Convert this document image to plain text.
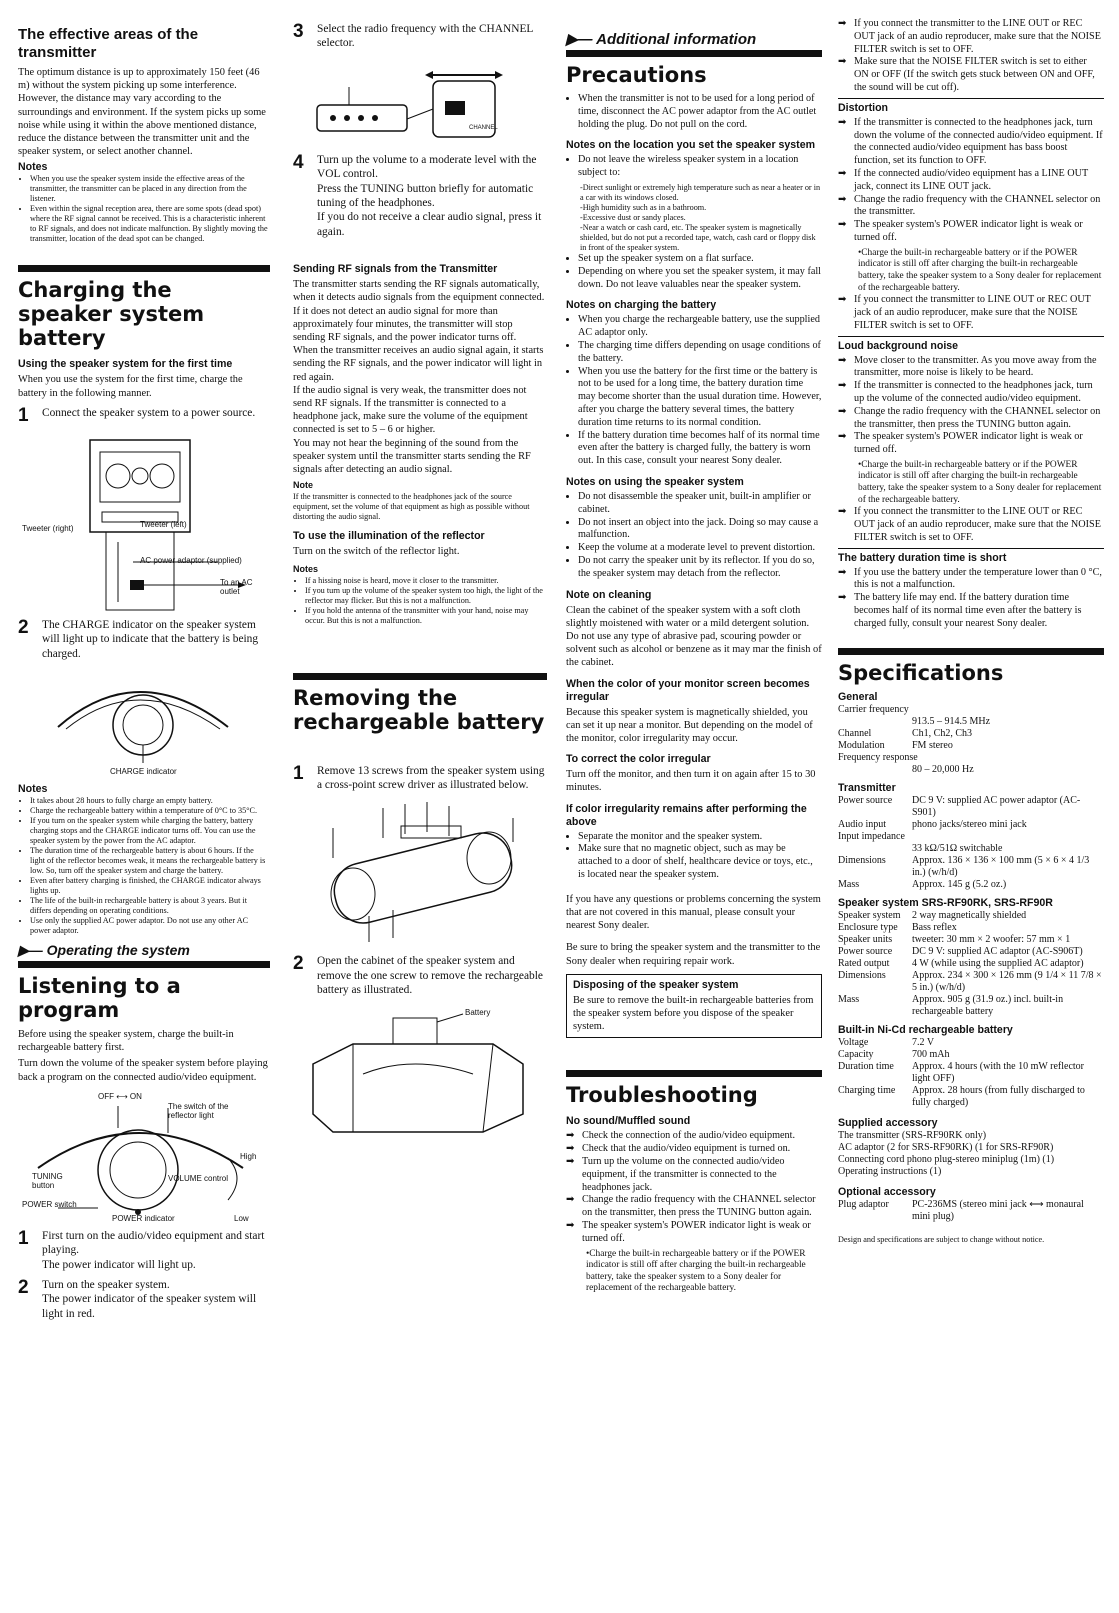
The effective areas of the transmitter

The optimum distance is up to approximately 150 feet (46 m) without the system picking up some interference. However, the distance may vary according to the surroundings and environment. If the system picks up some noise while using it within the above mentioned distance, reduce the distance between the transmitter unit and the speaker system, or select another channel.

Notes
• When you use the speaker system inside the effective areas of the transmitter, the transmitter can be placed in any direction from the listener.
• Even within the signal reception area, there are some spots (dead spot) where the RF signal cannot be received. This is a characteristic inherent to RF signals, and does not indicate malfunction. By slightly moving the transmitter, location of the dead spot can be changed.
Charging the speaker system battery
Using the speaker system for the first time

When you use the system for the first time, charge the battery in the following manner.

1	Connect the speaker system to a power source.
Tweeter (right)	Tweeter (left)
AC power adaptor (supplied)
To an AC outlet
2	The CHARGE indicator on the speaker system will light up to indicate that the battery is being charged.
CHARGE indicator
Notes
• It takes about 28 hours to fully charge an empty battery.
• Charge the rechargeable battery within a temperature of 0°C to 35°C.
• If you turn on the speaker system while charging the battery, battery charging stops and the CHARGE indicator turns off. You can use the speaker system by the power from the AC adaptor.
• The duration time of the rechargeable battery is about 6 hours. If the light of the reflector becomes weak, it means the rechargeable battery is low. So, turn off the speaker system and charge the battery.
• Even after battery charging is finished, the CHARGE indicator always lights up.
• The life of the built-in rechargeable battery is about 3 years. But it differs depending on operating conditions.
• Use only the supplied AC power adaptor. Do not use any other AC power adaptor.
▶— Operating the system
Listening to a program

Before using the speaker system, charge the built-in rechargeable battery first.

Turn down the volume of the speaker system before playing back a program on the connected audio/video equipment.

OFF ⟷ ON
The switch of the reflector light
High
TUNING button
VOLUME control
POWER switch
POWER indicator	Low
1	First turn on the audio/video equipment and start playing.
The power indicator will light up.
2	Turn on the speaker system.
The power indicator of the speaker system will light in red.
3	Select the radio frequency with the CHANNEL selector.
CHANNEL
4	Turn up the volume to a moderate level with the VOL control.
Press the TUNING button briefly for automatic tuning of the headphones.
If you do not receive a clear audio signal, press it again.
Sending RF signals from the Transmitter

The transmitter starts sending the RF signals automatically, when it detects audio signals from the equipment connected.

If it does not detect an audio signal for more than approximately four minutes, the transmitter will stop sending RF signals, and the power indicator turns off.

When the transmitter receives an audio signal again, it starts sending the RF signals, and the power indicator will light in red again.

If the audio signal is very weak, the transmitter does not send RF signals. If the transmitter is connected to a headphone jack, make sure the volume of the equipment connected is set to 5 – 6 or higher.

You may not hear the beginning of the sound from the speaker system until the transmitter starts sending the RF signals after detecting an audio signal.

Note

If the transmitter is connected to the headphones jack of the source equipment, set the volume of that equipment as high as possible without distorting the audio signal.

To use the illumination of the reflector

Turn on the switch of the reflector light.

Notes
• If a hissing noise is heard, move it closer to the transmitter.
• If you turn up the volume of the speaker system too high, the light of the reflector may flicker. But this is not a malfunction.
• If you hold the antenna of the transmitter with your hand, noise may occur. But this is not a malfunction.
Removing the rechargeable battery
1	Remove 13 screws from the speaker system using a cross-point screw driver as illustrated below.
2	Open the cabinet of the speaker system and remove the one screw to remove the rechargeable battery as illustrated.
Battery
▶— Additional information
Precautions
• When the transmitter is not to be used for a long period of time, disconnect the AC power adaptor from the AC outlet holding the plug. Do not pull on the cord.
Notes on the location you set the speaker system
• Do not leave the wireless speaker system in a location subject to:
-Direct sunlight or extremely high temperature such as near a heater or in a car with its windows closed.
-High humidity such as in a bathroom.
-Excessive dust or sandy places.
-Near a watch or cash card, etc. The speaker system is magnetically shielded, but do not put a recorded tape, watch, cash card or floppy disk in front of the speaker system.
• Set up the speaker system on a flat surface.
• Depending on where you set the speaker system, it may fall down. Do not leave valuables near the speaker system.
Notes on charging the battery
• When you charge the rechargeable battery, use the supplied AC adaptor only.
• The charging time differs depending on usage conditions of the battery.
• When you use the battery for the first time or the battery is not to be used for a long time, the battery duration time may become shorter than the usual duration time. However, after you charge the battery several times, the battery duration time returns to its normal condition.
• If the battery duration time becomes half of its normal time even after the battery is charged fully, the battery is worn out. In this case, consult your nearest Sony dealer.
Notes on using the speaker system
• Do not disassemble the speaker unit, built-in amplifier or cabinet.
• Do not insert an object into the jack. Doing so may cause a malfunction.
• Keep the volume at a moderate level to prevent distortion.
• Do not carry the speaker unit by its reflector. If you do so, the speaker system may detach from the reflector.
Note on cleaning

Clean the cabinet of the speaker system with a soft cloth slightly moistened with water or a mild detergent solution. Do not use any type of abrasive pad, scouring powder or solvent such as alcohol or benzene as it may mar the finish of the cabinet.

When the color of your monitor screen becomes irregular

Because this speaker system is magnetically shielded, you can set it up near a monitor. But depending on the model of the monitor, color irregularity may occur.

To correct the color irregular

Turn off the monitor, and then turn it on again after 15 to 30 minutes.

If color irregularity remains after performing the above
• Separate the monitor and the speaker system.
• Make sure that no magnetic object, such as may be attached to a door of shelf, healthcare device or toys, etc., is located near the speaker system.

If you have any questions or problems concerning the system that are not covered in this manual, please consult your nearest Sony dealer.

Be sure to bring the speaker system and the transmitter to the Sony dealer when requiring repair work.

Disposing of the speaker system

Be sure to remove the built-in rechargeable batteries from the speaker system before you dispose of the speaker system.

Troubleshooting
No sound/Muffled sound
➡ Check the connection of the audio/video equipment.
➡ Check that the audio/video equipment is turned on.
➡ Turn up the volume on the connected audio/video equipment, if the transmitter is connected to the headphones jack.
➡ Change the radio frequency with the CHANNEL selector on the transmitter, then press the TUNING button again.
➡ The speaker system's POWER indicator light is weak or turned off.
•Charge the built-in rechargeable battery or if the POWER indicator is still off after charging the built-in rechargeable battery, take the speaker system to a Sony dealer for replacement of the rechargeable battery.
➡ If you connect the transmitter to the LINE OUT or REC OUT jack of an audio reproducer, make sure that the NOISE FILTER switch is set to OFF.
➡ Make sure that the NOISE FILTER switch is set to either ON or OFF (If the switch gets stuck between ON and OFF, the sound will be cut off).
Distortion
➡ If the transmitter is connected to the headphones jack, turn down the volume of the connected audio/video equipment. If the connected audio/video equipment has bass boost function, set its function to OFF.
➡ If the connected audio/video equipment has a LINE OUT jack, connect its LINE OUT jack.
➡ Change the radio frequency with the CHANNEL selector on the transmitter.
➡ The speaker system's POWER indicator light is weak or turned off.
•Charge the built-in rechargeable battery or if the POWER indicator is still off after charging the built-in rechargeable battery, take the speaker system to a Sony dealer for replacement of the rechargeable battery.
➡ If you connect the transmitter to LINE OUT or REC OUT jack of an audio reproducer, make sure that the NOISE FILTER switch is set to OFF.
Loud background noise
➡ Move closer to the transmitter. As you move away from the transmitter, more noise is likely to be heard.
➡ If the transmitter is connected to the headphones jack, turn up the volume of the connected audio/video equipment.
➡ Change the radio frequency with the CHANNEL selector on the transmitter, then press the TUNING button again.
➡ The speaker system's POWER indicator light is weak or turned off.
•Charge the built-in rechargeable battery or if the POWER indicator is still off after charging the built-in rechargeable battery, take the speaker system to a Sony dealer for replacement of the rechargeable battery.
➡ If you connect the transmitter to the LINE OUT or REC OUT jack of an audio reproducer, make sure that the NOISE FILTER switch is set to OFF.
The battery duration time is short
➡ If you use the battery under the temperature lower than 0 °C, this is not a malfunction.
➡ The battery life may end. If the battery duration time becomes half of its normal time even after the battery is charged fully, consult your nearest Sony dealer.
Specifications
General
Carrier frequency
913.5 – 914.5 MHz
Channel	Ch1, Ch2, Ch3
Modulation	FM stereo
Frequency response
80 – 20,000 Hz
Transmitter
Power source	DC 9 V: supplied AC power adaptor (AC-S901)
Audio input	phono jacks/stereo mini jack
Input impedance
33 kΩ/51Ω switchable
Dimensions	Approx. 136 × 136 × 100 mm (5 × 6 × 4 1/3 in.) (w/h/d)
Mass	Approx. 145 g (5.2 oz.)
Speaker system SRS-RF90RK, SRS-RF90R
Speaker system	2 way magnetically shielded
Enclosure type	Bass reflex
Speaker units	tweeter: 30 mm × 2 woofer: 57 mm × 1
Power source	DC 9 V: supplied AC adaptor (AC-S906T)
Rated output	4 W (while using the supplied AC adaptor)
Dimensions	Approx. 234 × 300 × 126 mm (9 1/4 × 11 7/8 × 5 in.) (w/h/d)
Mass	Approx. 905 g (31.9 oz.) incl. built-in rechargeable battery
Built-in Ni-Cd rechargeable battery
Voltage	7.2 V
Capacity	700 mAh
Duration time	Approx. 4 hours (with the 10 mW reflector light OFF)
Charging time	Approx. 28 hours (from fully discharged to fully charged)
Supplied accessory
The transmitter (SRS-RF90RK only)
AC adaptor (2 for SRS-RF90RK) (1 for SRS-RF90R)
Connecting cord phono plug-stereo miniplug (1m) (1)
Operating instructions (1)
Optional accessory
Plug adaptor	PC-236MS (stereo mini jack ⟷ monaural mini plug)

Design and specifications are subject to change without notice.
